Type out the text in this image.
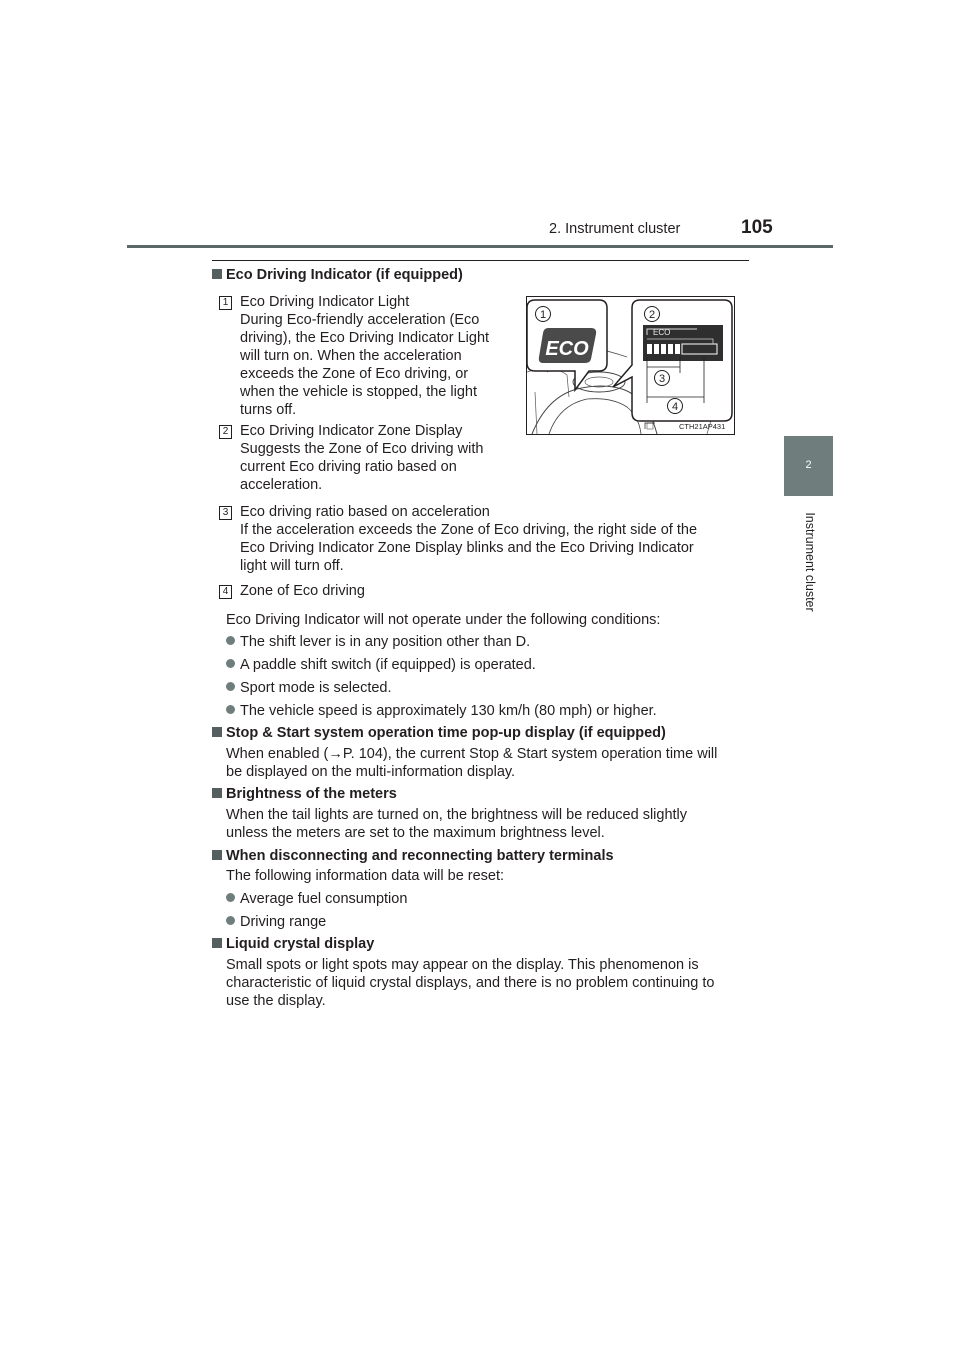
2. Instrument cluster	105
2
Instrument cluster
Eco Driving Indicator (if equipped)
1 Eco Driving Indicator Light
During Eco-friendly acceleration (Eco
driving), the Eco Driving Indicator Light
will turn on. When the acceleration
exceeds the Zone of Eco driving, or
when the vehicle is stopped, the light
turns off.
2 Eco Driving Indicator Zone Display
Suggests the Zone of Eco driving with
current Eco driving ratio based on
acceleration.
1
ECO
2
ECO
3
4
CTH21AP431
3 Eco driving ratio based on acceleration
If the acceleration exceeds the Zone of Eco driving, the right side of the
Eco Driving Indicator Zone Display blinks and the Eco Driving Indicator
light will turn off.
4 Zone of Eco driving
Eco Driving Indicator will not operate under the following conditions:
The shift lever is in any position other than D.
A paddle shift switch (if equipped) is operated.
Sport mode is selected.
The vehicle speed is approximately 130 km/h (80 mph) or higher.
Stop & Start system operation time pop-up display (if equipped)
When enabled (→P. 104), the current Stop & Start system operation time will
be displayed on the multi-information display.
Brightness of the meters
When the tail lights are turned on, the brightness will be reduced slightly
unless the meters are set to the maximum brightness level.
When disconnecting and reconnecting battery terminals
The following information data will be reset:
Average fuel consumption
Driving range
Liquid crystal display
Small spots or light spots may appear on the display. This phenomenon is
characteristic of liquid crystal displays, and there is no problem continuing to
use the display.
